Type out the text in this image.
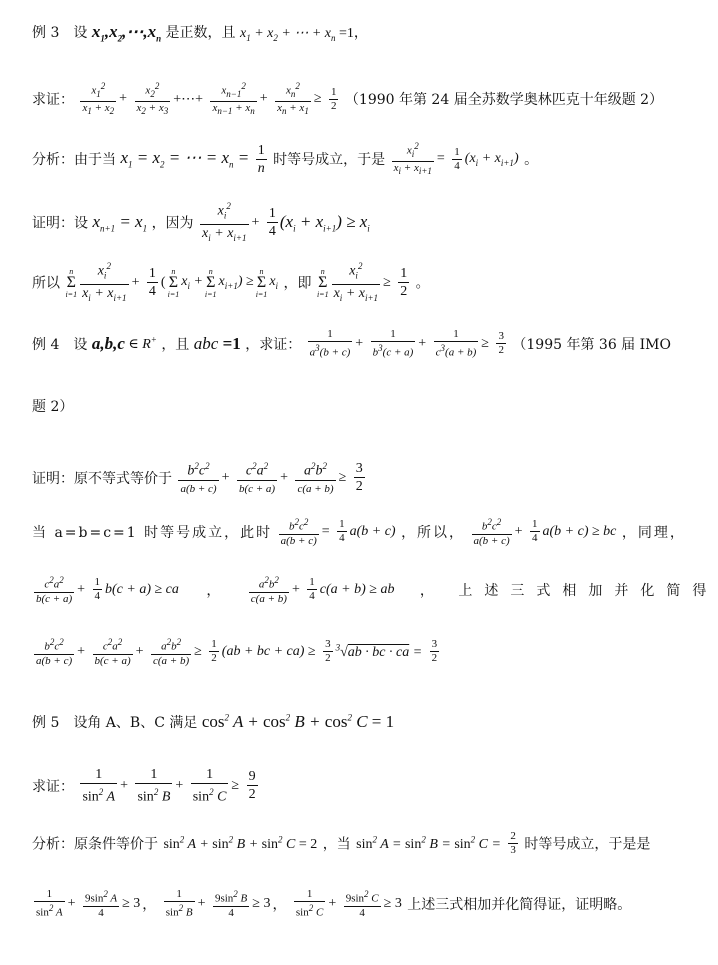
例 3　设 $x_1,x_2,\cdots,x_n$ 是正数，且 $x_1 + x_2$ + ⋯ + $x_n =1$，
求证： $\frac{x_1^2}{x_1 + x_2} + \frac{x_2^2}{x_2 + x_3}$ +⋯+ $\frac{x_{n-1}^2}{x_{n-1} + x_n} + \frac{x_n^2}{x_n + x_1} \ge \frac{1}{2} (1990$ 年第 24 届全苏数学奥林匹克十年级题 2）
分析：由于当 $x_1 = x_2$ = ⋯ = $x_n = \frac{1}{n}$ 时等号成立，于是 $\frac{x_i^2}{x_i + x_{i+1}} = \frac{1}{4} (x_i + x_{i+1})$ 。
证明：设 $x_{n+1} = x_1$ ，因为 $\frac{x_i^2}{x_i + x_{i+1}} + \frac{1}{4} (x_i + x_{i+1}) \ge x_i$
所以 n
Σ
$i=1 \frac{x_i^2}{x_i + x_{i+1}} + \frac{1}{4} (n$
Σ
$i=1x_i +n$
Σ
$i=1x_{i+1}) \ge n$
Σ
$i=1x_i$ ，即 n
Σ
$i=1 \frac{x_i^2}{x_i + x_{i+1}} \ge \frac{1}{2}$ 。
例 4　设 a,b,c ∈ R+ ，且 abc =1 ，求证： $\frac{1}{a^3(b + c)} + \frac{1}{b^3(c + a)} + \frac{1}{c^3(a + b)} \ge \frac{3}{2} (1995$ 年第 36 届 IMO
题 2）
证明：原不等式等价于 $\frac{b^2c^2}{a(b + c)} + \frac{c^2a^2}{b(c + a)} + \frac{a^2b^2}{c(a + b)} \ge \frac{3}{2}$
当 a=b=c=1 时等号成立，此时 $\frac{b^2c^2}{a(b + c)} = \frac{1}{4} a(b + c)$ ，所以， $\frac{b^2c^2}{a(b + c)} + \frac{1}{4} a(b + c)$ ≥ bc ，同理，
$\frac{c^2a^2}{b(c + a)} + \frac{1}{4} b(c + a)$ ≥ ca ，	$\frac{a^2b^2}{c(a + b)} + \frac{1}{4} c(a + b)$ ≥ ab ， 上述三式相加并化简得
$\frac{b^2c^2}{a(b + c)} + \frac{c^2a^2}{b(c + a)} + \frac{a^2b^2}{c(a + b)} \ge \frac{1}{2} (ab$ + bc + $ca) \ge \frac{3}{2} ^3√ab$ · bc · ca = $\frac{3}{2}$
例 5　设角 A、B、C 满足 $\cos^2 A + \cos^2 B + \cos^2 C = 1$
求证： $\frac{1}{\sin^2 A} + \frac{1}{\sin^2 B} + \frac{1}{\sin^2 C} \ge \frac{9}{2}$
分析：原条件等价于 $\sin^2 A + \sin^2 B + \sin^2 C = 2$ ，当 $\sin^2 A = \sin^2 B = \sin^2 C = \frac{2}{3}$ 时等号成立，于是是
$\frac{1}{\sin^2 A} + \frac{9\sin^2 A}{4} \ge 3$ ， $\frac{1}{\sin^2 B} + \frac{9\sin^2 B}{4} \ge 3$ ， $\frac{1}{\sin^2 C} + \frac{9\sin^2 C}{4} \ge 3$ 上述三式相加并化简得证，证明略。
